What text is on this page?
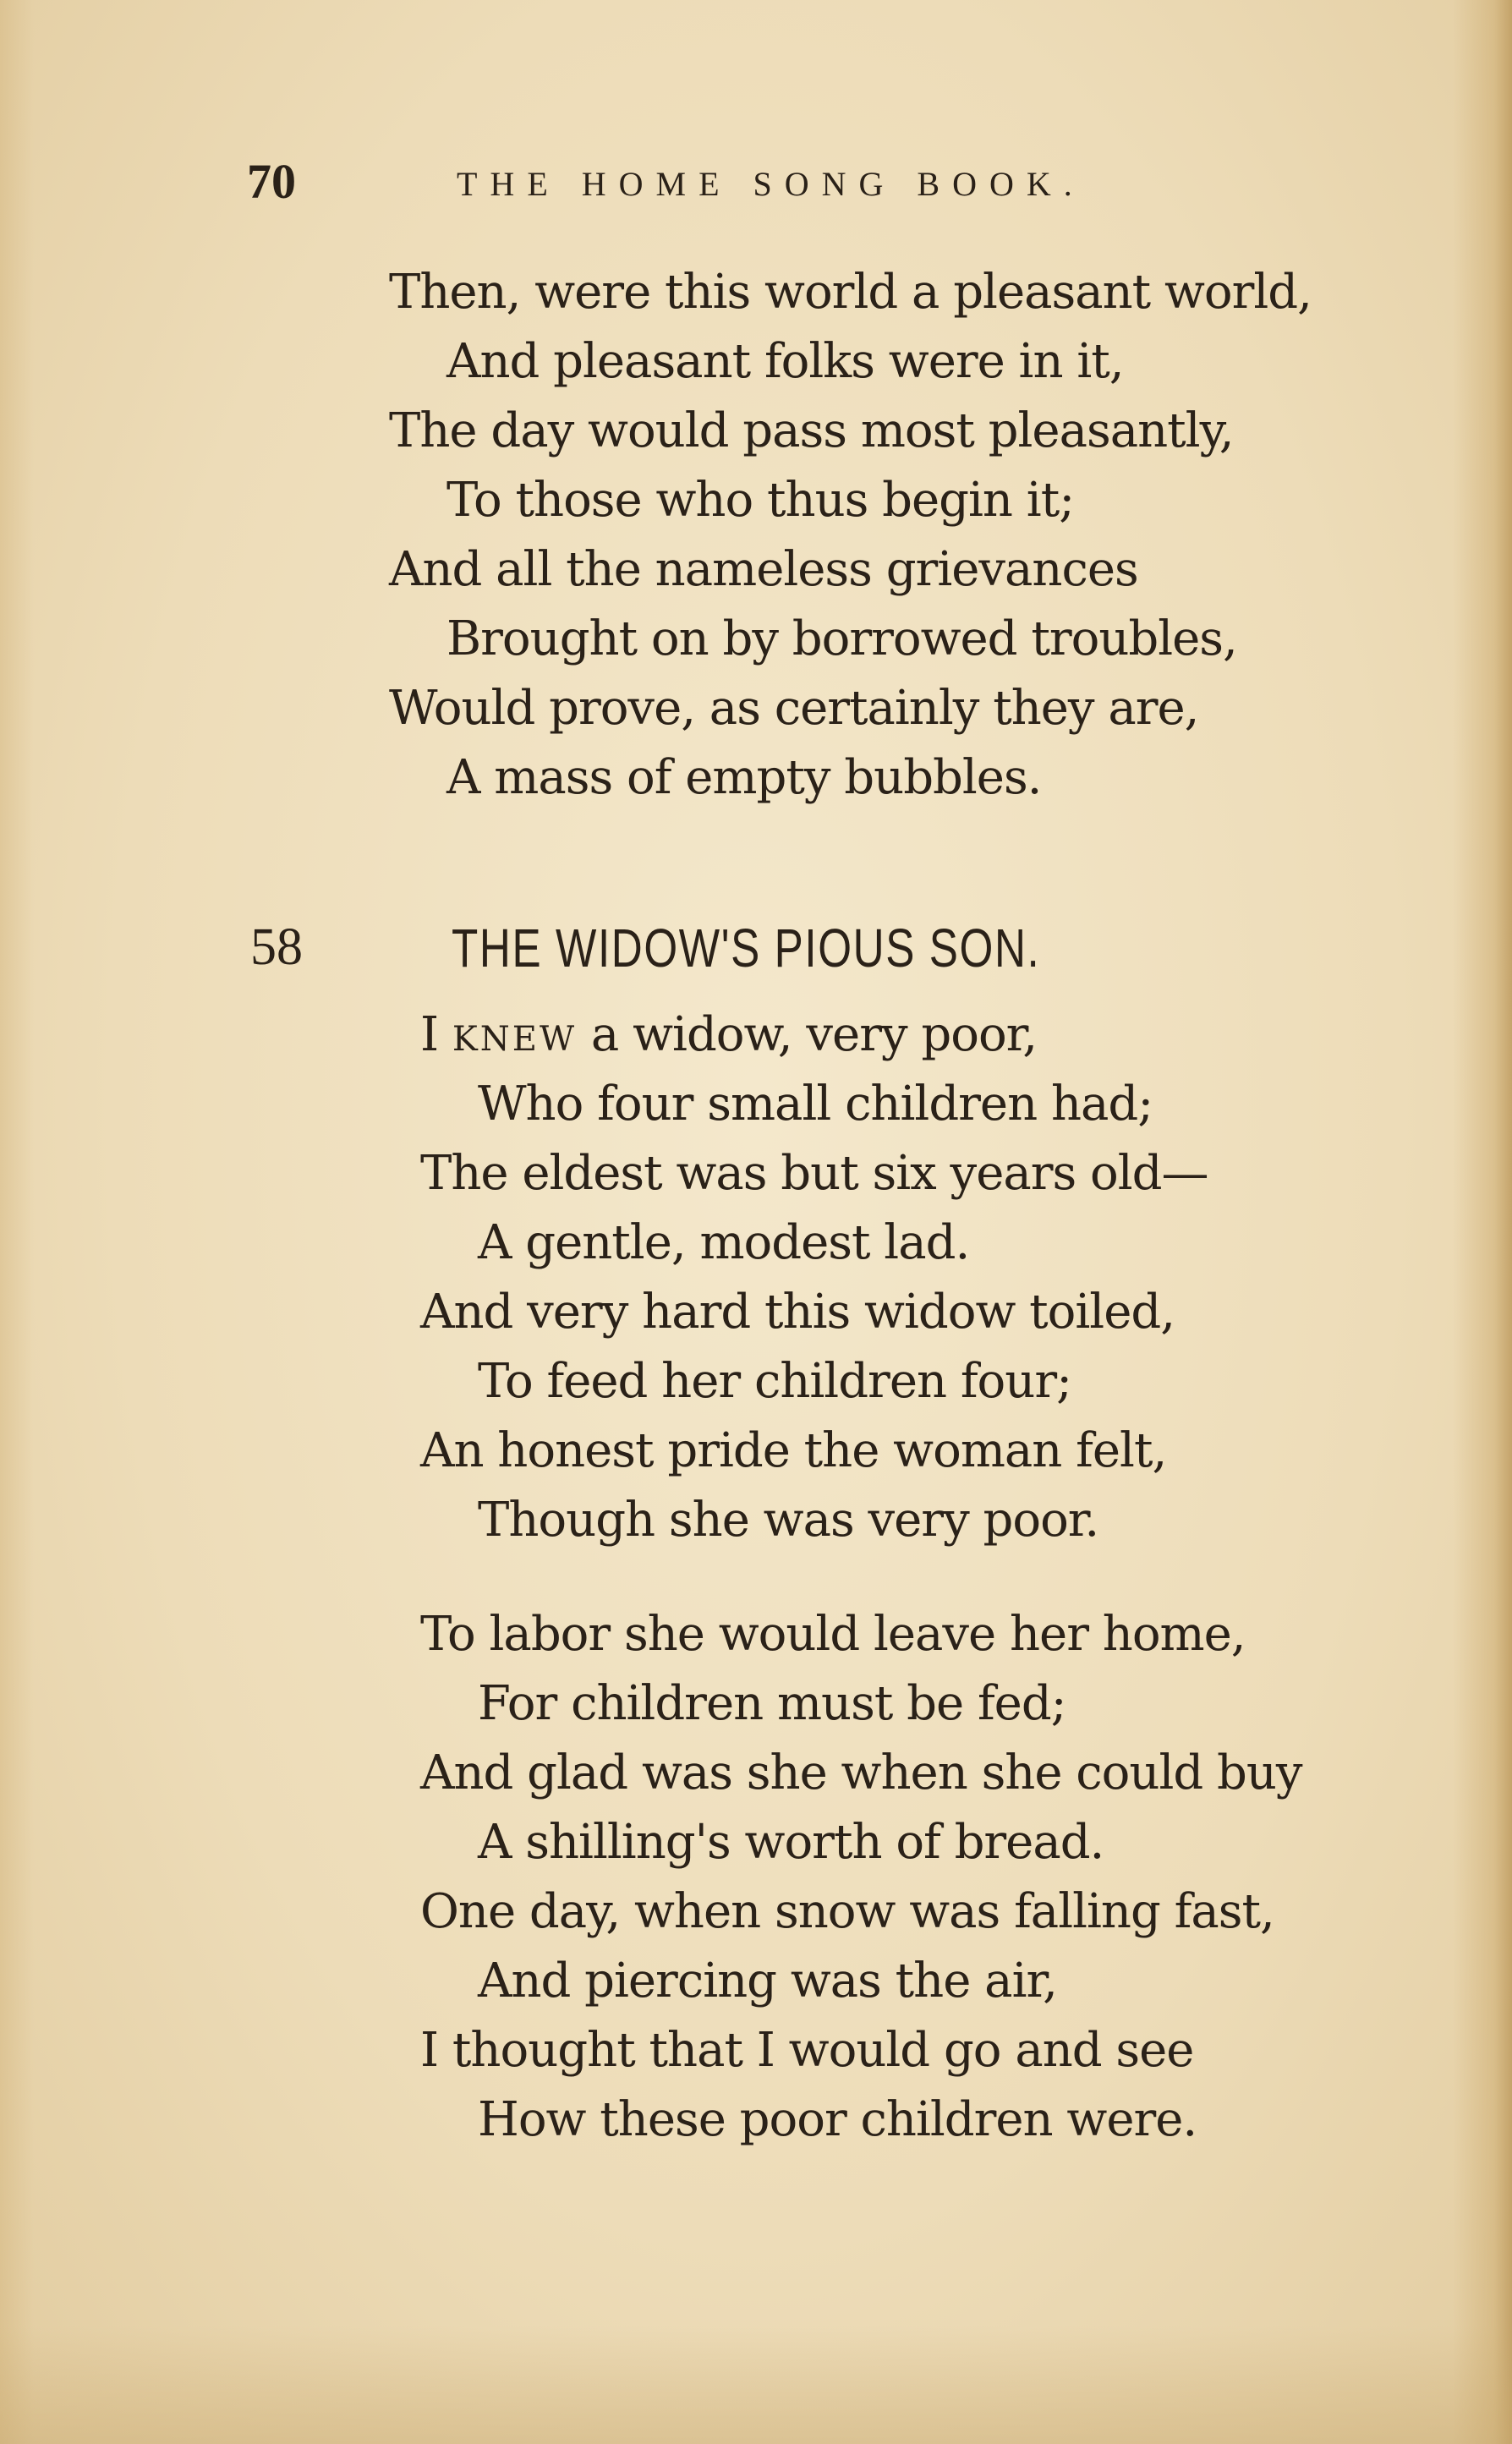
70	THE HOME SONG BOOK.
Then, were this world a pleasant world,
And pleasant folks were in it,
The day would pass most pleasantly,
To those who thus begin it;
And all the nameless grievances
Brought on by borrowed troubles,
Would prove, as certainly they are,
A mass of empty bubbles.
58	THE WIDOW'S PIOUS SON.
I KNEW a widow, very poor,
Who four small children had;
The eldest was but six years old—
A gentle, modest lad.
And very hard this widow toiled,
To feed her children four;
An honest pride the woman felt,
Though she was very poor.
To labor she would leave her home,
For children must be fed;
And glad was she when she could buy
A shilling's worth of bread.
One day, when snow was falling fast,
And piercing was the air,
I thought that I would go and see
How these poor children were.
